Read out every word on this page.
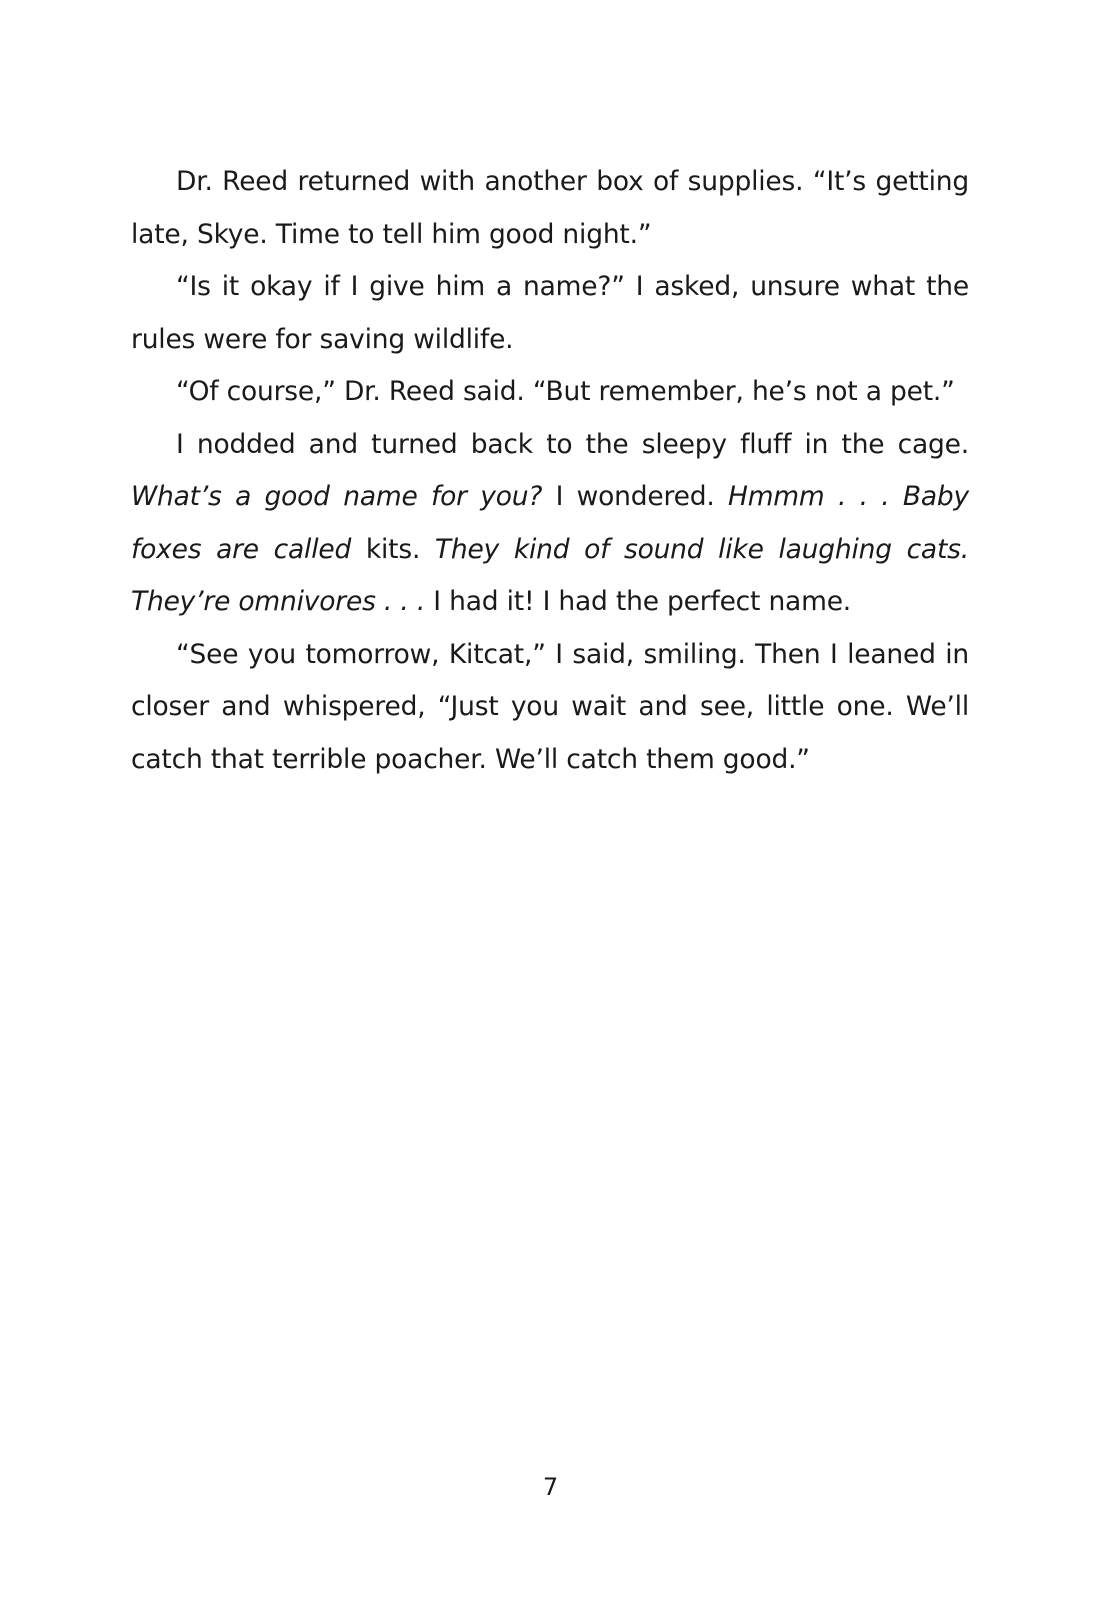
Dr. Reed returned with another box of supplies. “It’s getting late, Skye. Time to tell him good night.”

“Is it okay if I give him a name?” I asked, unsure what the rules were for saving wildlife.

“Of course,” Dr. Reed said. “But remember, he’s not a pet.”

I nodded and turned back to the sleepy fluff in the cage. What’s a good name for you? I wondered. Hmmm . . . Baby foxes are called kits. They kind of sound like laughing cats. They’re omnivores . . . I had it! I had the perfect name.

“See you tomorrow, Kitcat,” I said, smiling. Then I leaned in closer and whispered, “Just you wait and see, little one. We’ll catch that terrible poacher. We’ll catch them good.”

7
